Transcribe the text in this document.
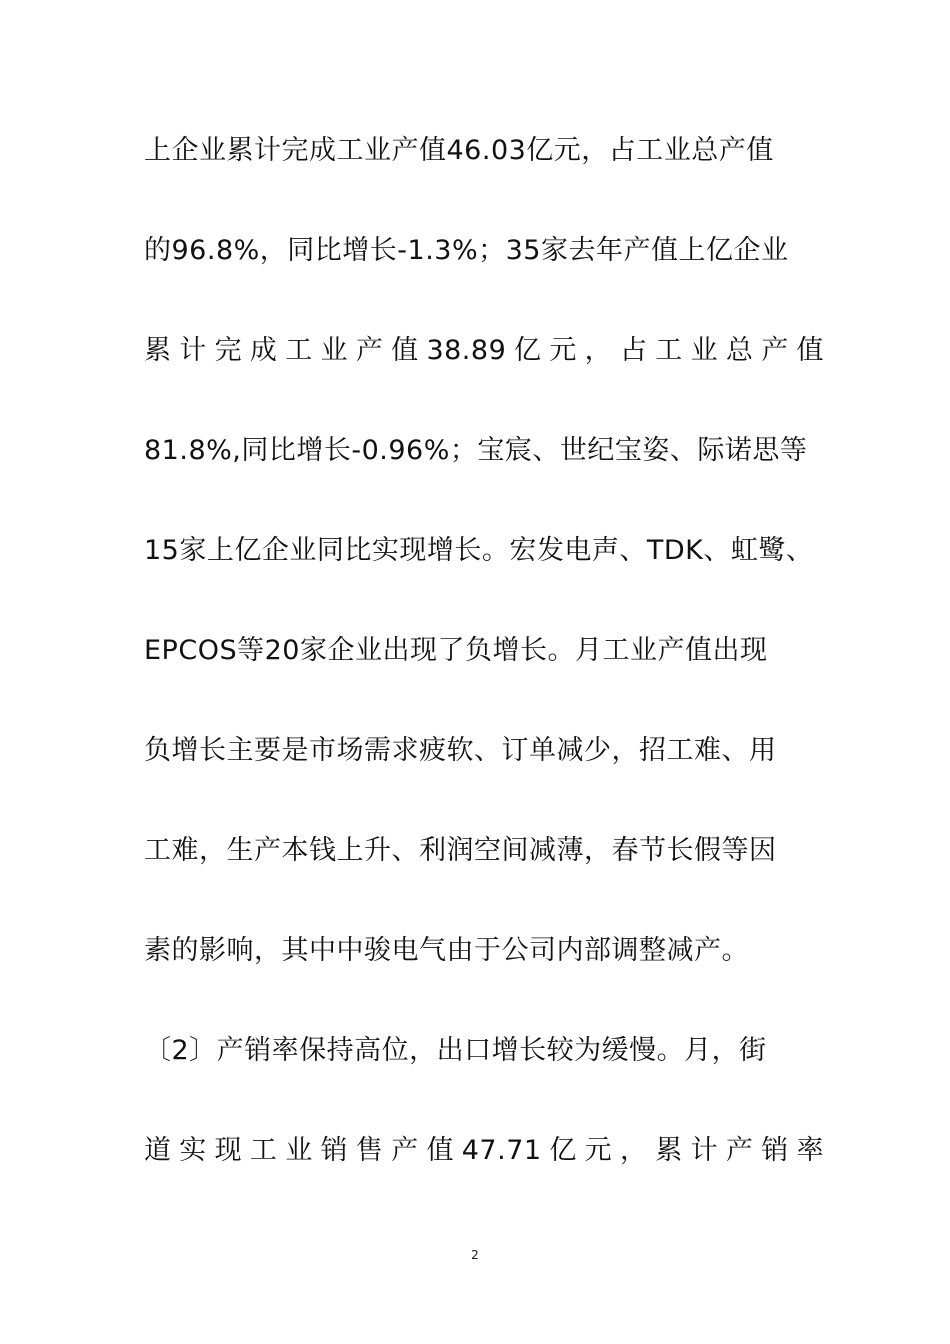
上企业累计完成工业产值46.03亿元，占工业总产值
的96.8%，同比增长-1.3%；35家去年产值上亿企业
累计完成工业产值38.89亿元，占工业总产值
81.8%,同比增长-0.96%；宝宸、世纪宝姿、际诺思等
15家上亿企业同比实现增长。宏发电声、TDK、虹鹭、
EPCOS等20家企业出现了负增长。月工业产值出现
负增长主要是市场需求疲软、订单减少，招工难、用
工难，生产本钱上升、利润空间减薄，春节长假等因
素的影响，其中中骏电气由于公司内部调整减产。
〔2〕产销率保持高位，出口增长较为缓慢。月，街
道实现工业销售产值47.71亿元，累计产销率
2
